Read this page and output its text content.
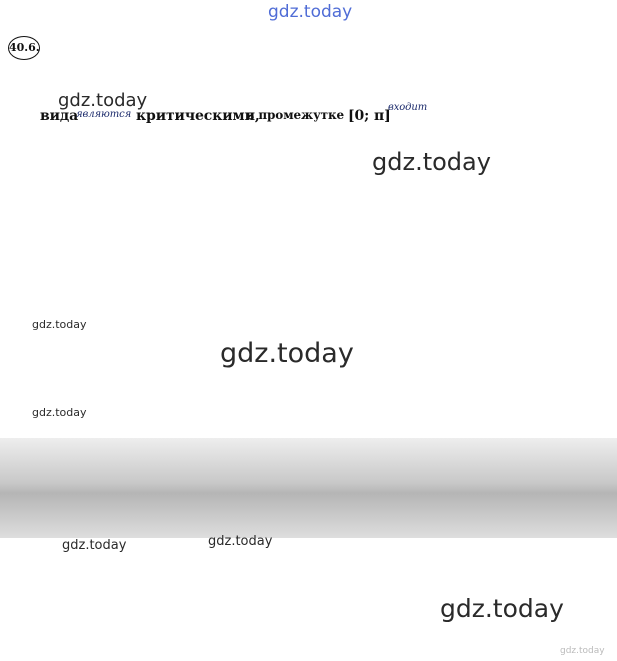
gdz.today
40.6.
gdz.today
вида
являются критическими,
в промежутке [0; π]
входит
gdz.today
gdz.today
gdz.today
gdz.today
gdz.today	gdz.today
gdz.today
gdz.today
